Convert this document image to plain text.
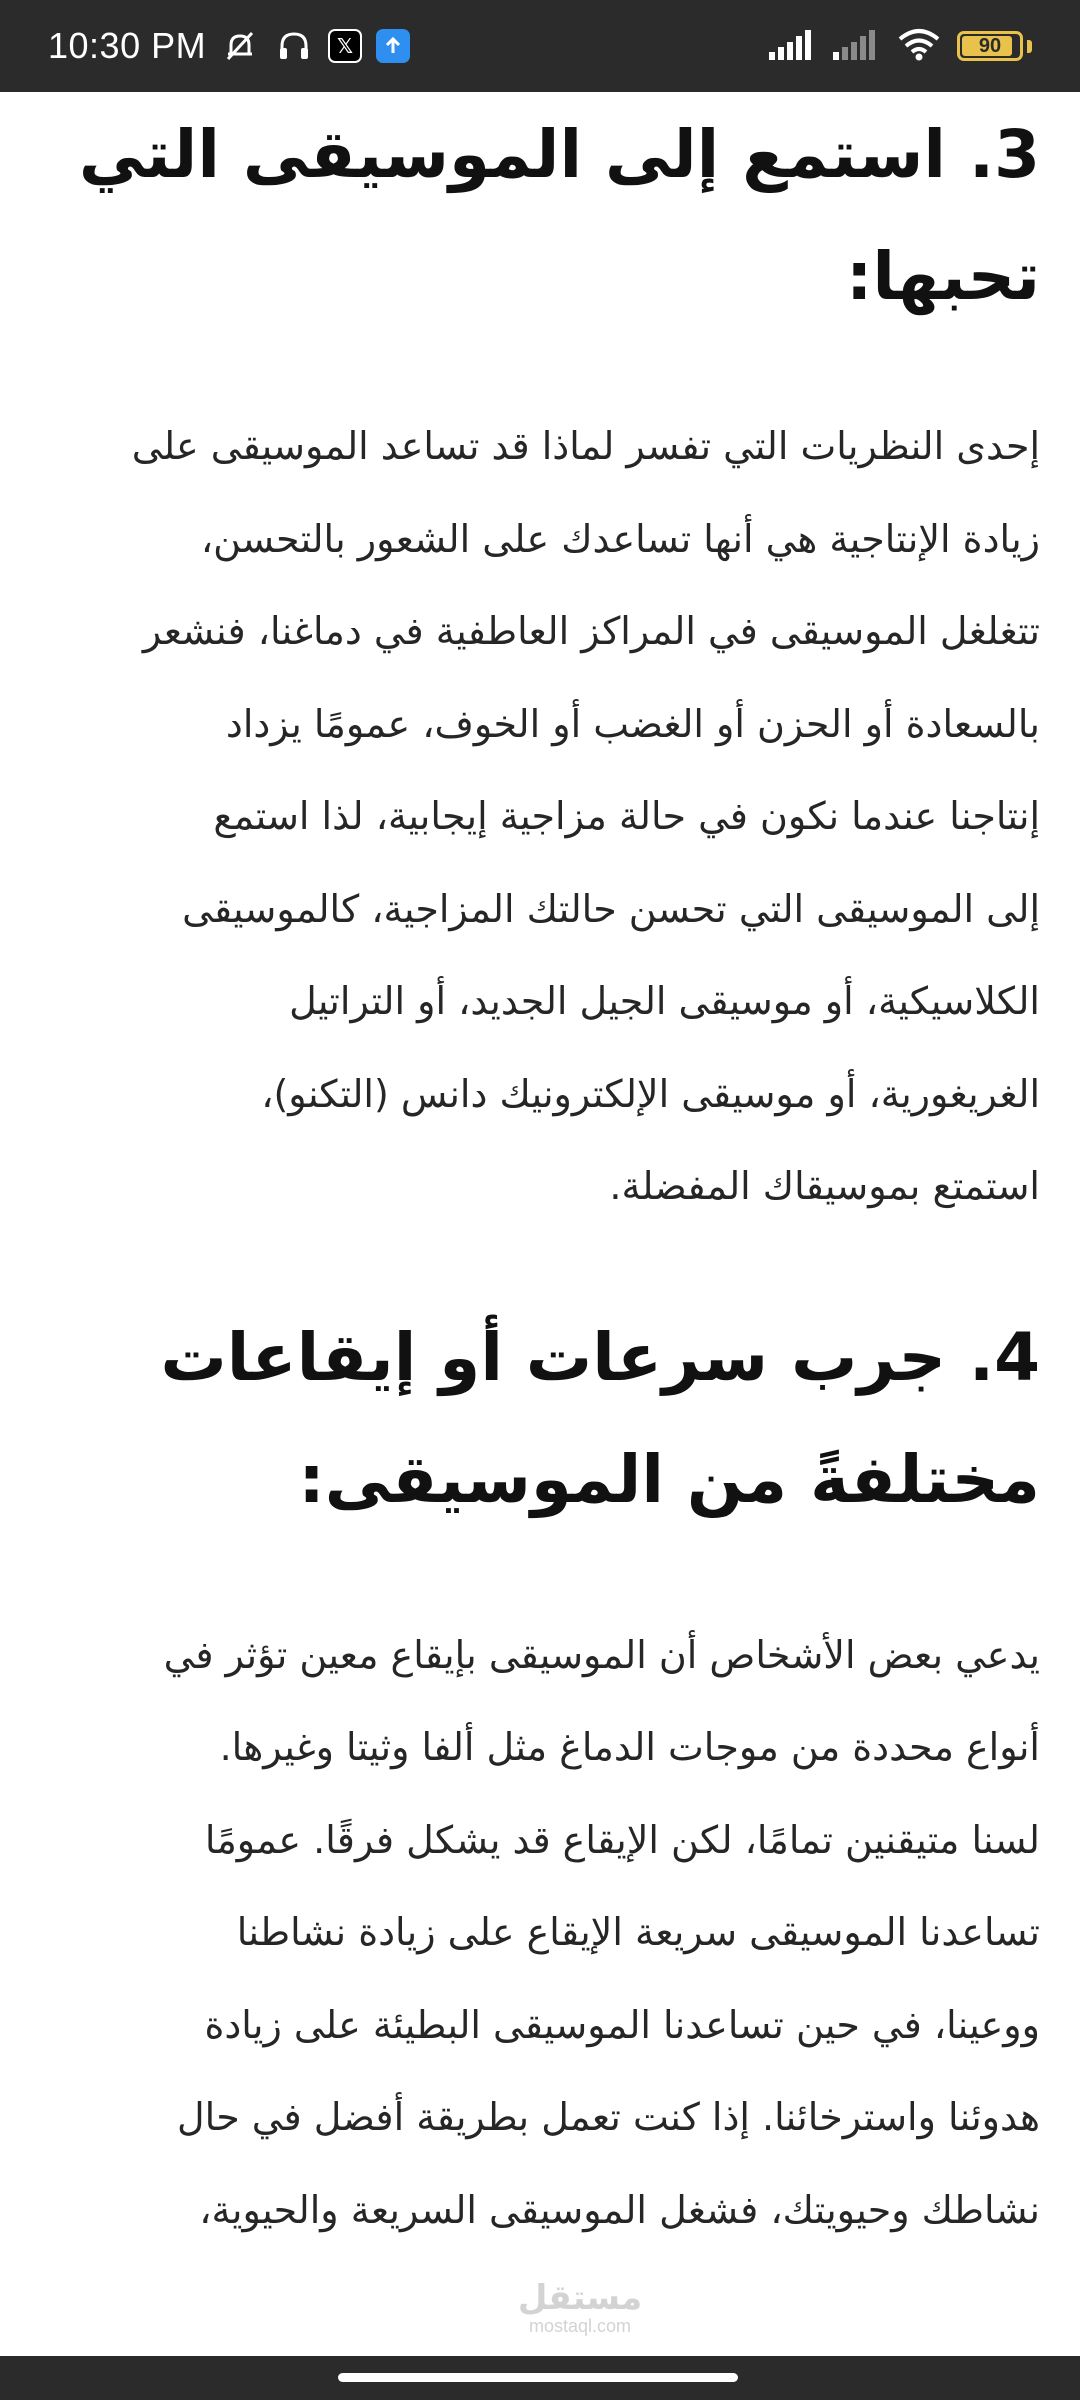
10:30 PM	𝕏	90
3. استمع إلى الموسيقى التي
تحبها:

إحدى النظريات التي تفسر لماذا قد تساعد الموسيقى على
زيادة الإنتاجية هي أنها تساعدك على الشعور بالتحسن،
تتغلغل الموسيقى في المراكز العاطفية في دماغنا، فنشعر
بالسعادة أو الحزن أو الغضب أو الخوف، عمومًا يزداد
إنتاجنا عندما نكون في حالة مزاجية إيجابية، لذا استمع
إلى الموسيقى التي تحسن حالتك المزاجية، كالموسيقى
الكلاسيكية، أو موسيقى الجيل الجديد، أو التراتيل
الغريغورية، أو موسيقى الإلكترونيك دانس (التكنو)،
استمتع بموسيقاك المفضلة.

4. جرب سرعات أو إيقاعات
مختلفةً من الموسيقى:

يدعي بعض الأشخاص أن الموسيقى بإيقاع معين تؤثر في
أنواع محددة من موجات الدماغ مثل ألفا وثيتا وغيرها.
لسنا متيقنين تمامًا، لكن الإيقاع قد يشكل فرقًا. عمومًا
تساعدنا الموسيقى سريعة الإيقاع على زيادة نشاطنا
ووعينا، في حين تساعدنا الموسيقى البطيئة على زيادة
هدوئنا واسترخائنا. إذا كنت تعمل بطريقة أفضل في حال
نشاطك وحيويتك، فشغل الموسيقى السريعة والحيوية،

مستقل
mostaql.com
